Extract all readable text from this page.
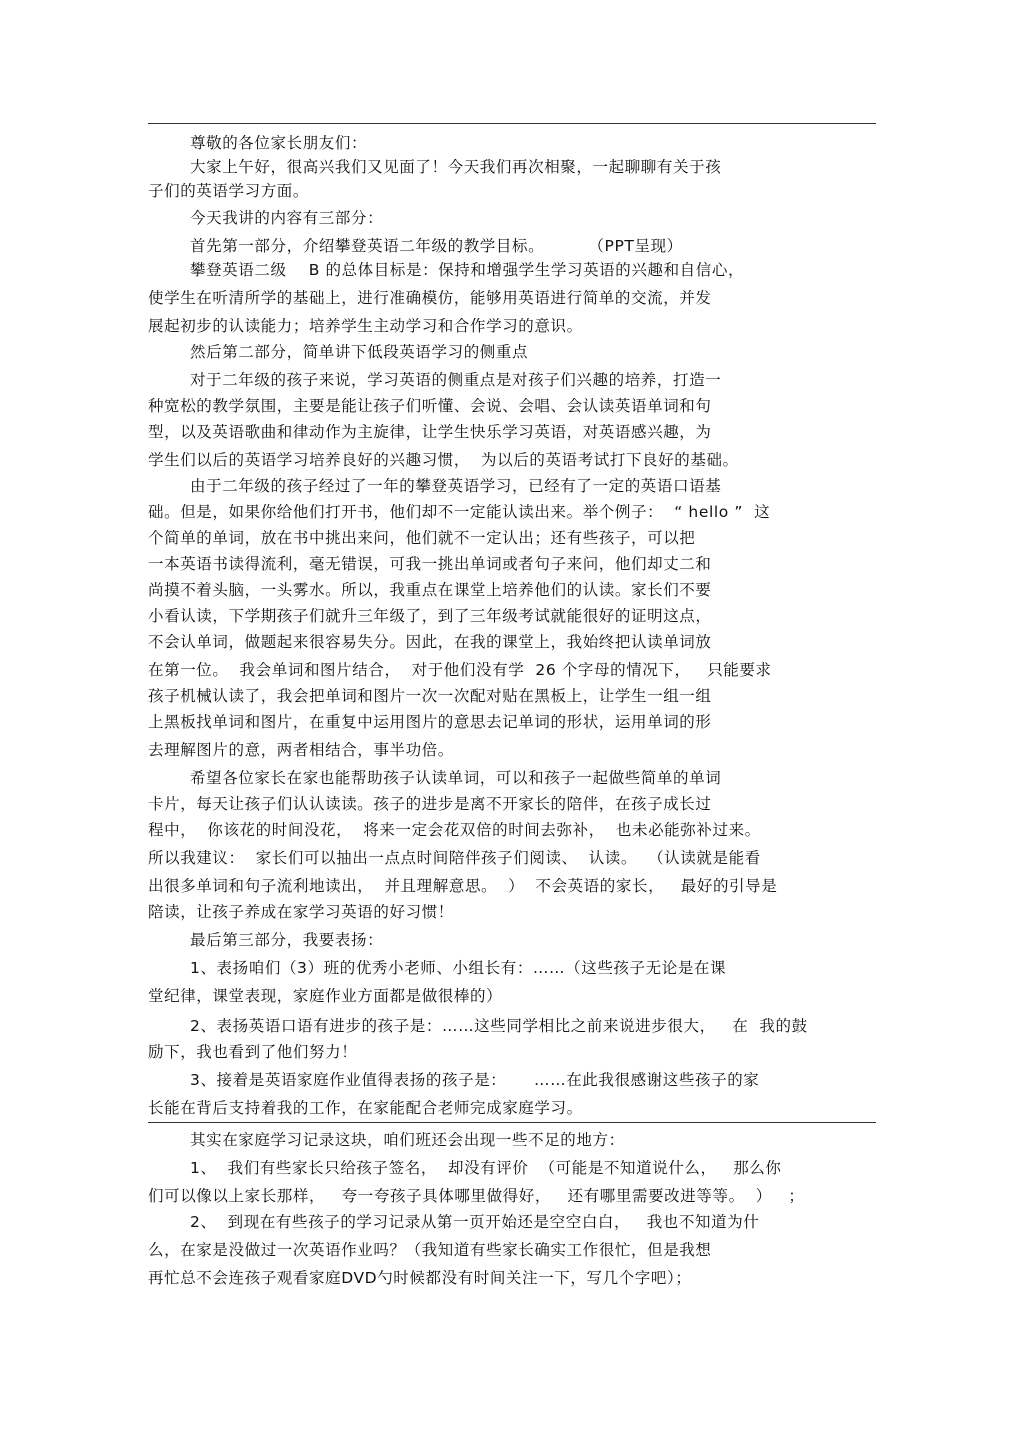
尊敬的各位家长朋友们：
大家上午好，很高兴我们又见面了！今天我们再次相聚，一起聊聊有关于孩
子们的英语学习方面。
今天我讲的内容有三部分：
首先第一部分，介绍攀登英语二年级的教学目标。        （PPT呈现）
攀登英语二级    B 的总体目标是：保持和增强学生学习英语的兴趣和自信心，
使学生在听清所学的基础上，进行准确模仿，能够用英语进行简单的交流，并发
展起初步的认读能力；培养学生主动学习和合作学习的意识。
然后第二部分，简单讲下低段英语学习的侧重点
对于二年级的孩子来说，学习英语的侧重点是对孩子们兴趣的培养，打造一
种宽松的教学氛围，主要是能让孩子们听懂、会说、会唱、会认读英语单词和句
型，以及英语歌曲和律动作为主旋律，让学生快乐学习英语，对英语感兴趣，为
学生们以后的英语学习培养良好的兴趣习惯，  为以后的英语考试打下良好的基础。
由于二年级的孩子经过了一年的攀登英语学习，已经有了一定的英语口语基
础。但是，如果你给他们打开书，他们却不一定能认读出来。举个例子：  “ hello ”  这
个简单的单词，放在书中挑出来问，他们就不一定认出；还有些孩子，可以把
一本英语书读得流利，毫无错误，可我一挑出单词或者句子来问，他们却丈二和
尚摸不着头脑，一头雾水。所以，我重点在课堂上培养他们的认读。家长们不要
小看认读，下学期孩子们就升三年级了，到了三年级考试就能很好的证明这点，
不会认单词，做题起来很容易失分。因此，在我的课堂上，我始终把认读单词放
在第一位。  我会单词和图片结合，  对于他们没有学  26 个字母的情况下，   只能要求
孩子机械认读了，我会把单词和图片一次一次配对贴在黑板上，让学生一组一组
上黑板找单词和图片，在重复中运用图片的意思去记单词的形状，运用单词的形
去理解图片的意，两者相结合，事半功倍。
希望各位家长在家也能帮助孩子认读单词，可以和孩子一起做些简单的单词
卡片，每天让孩子们认认读读。孩子的进步是离不开家长的陪伴，在孩子成长过
程中，  你该花的时间没花，  将来一定会花双倍的时间去弥补，  也未必能弥补过来。
所以我建议：  家长们可以抽出一点点时间陪伴孩子们阅读、  认读。  （认读就是能看
出很多单词和句子流利地读出，  并且理解意思。  ）  不会英语的家长，   最好的引导是
陪读，让孩子养成在家学习英语的好习惯！
最后第三部分，我要表扬：
1、表扬咱们（3）班的优秀小老师、小组长有：……（这些孩子无论是在课
堂纪律，课堂表现，家庭作业方面都是做很棒的）
2、表扬英语口语有进步的孩子是：……这些同学相比之前来说进步很大，   在  我的鼓
励下，我也看到了他们努力！
3、接着是英语家庭作业值得表扬的孩子是：     ……在此我很感谢这些孩子的家
长能在背后支持着我的工作，在家能配合老师完成家庭学习。
其实在家庭学习记录这块，咱们班还会出现一些不足的地方：
1、  我们有些家长只给孩子签名，  却没有评价  （可能是不知道说什么，   那么你
们可以像以上家长那样，   夸一夸孩子具体哪里做得好，   还有哪里需要改进等等。  ）   ；
2、  到现在有些孩子的学习记录从第一页开始还是空空白白，   我也不知道为什
么，在家是没做过一次英语作业吗？（我知道有些家长确实工作很忙，但是我想
再忙总不会连孩子观看家庭DVD勺时候都没有时间关注一下，写几个字吧）；
